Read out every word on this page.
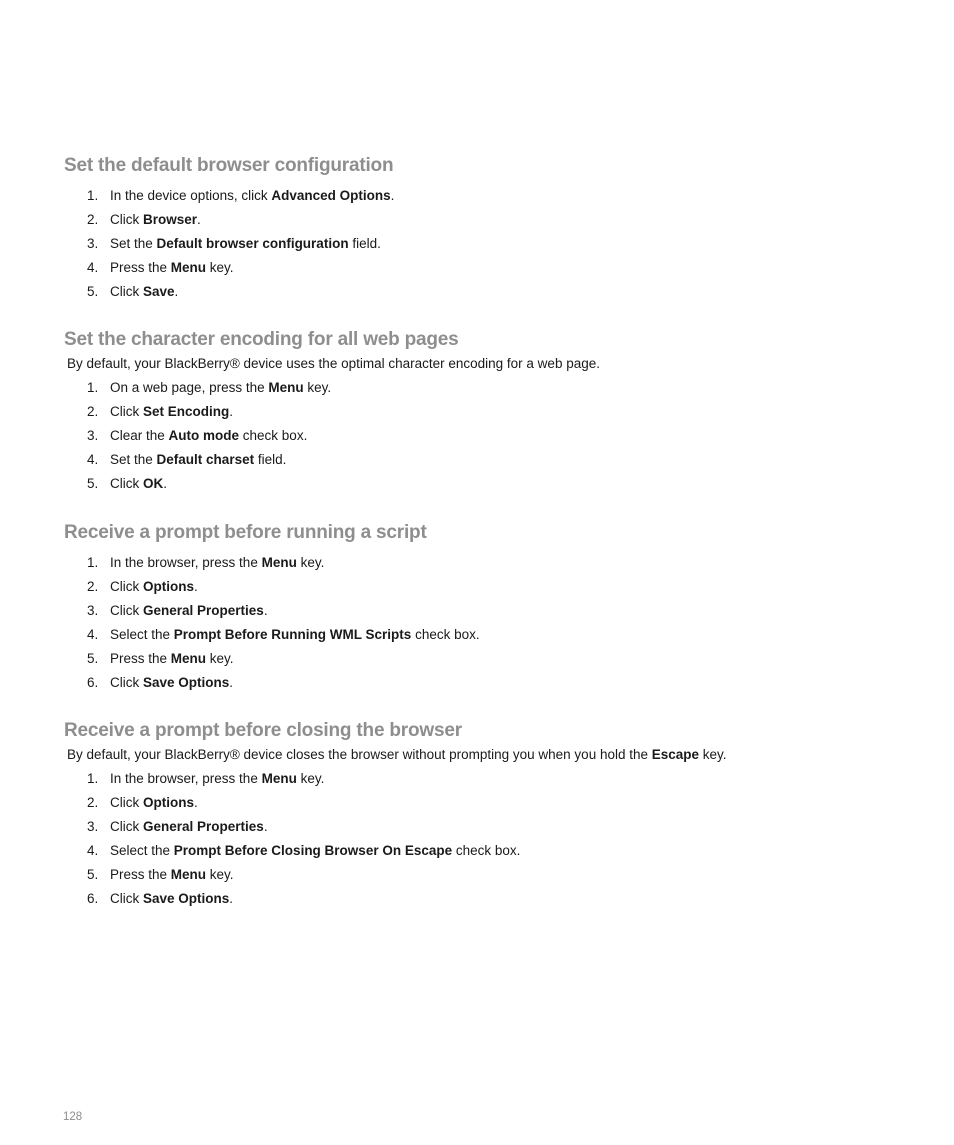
Set the default browser configuration
1. In the device options, click Advanced Options.
2. Click Browser.
3. Set the Default browser configuration field.
4. Press the Menu key.
5. Click Save.
Set the character encoding for all web pages

By default, your BlackBerry® device uses the optimal character encoding for a web page.

1. On a web page, press the Menu key.
2. Click Set Encoding.
3. Clear the Auto mode check box.
4. Set the Default charset field.
5. Click OK.
Receive a prompt before running a script
1. In the browser, press the Menu key.
2. Click Options.
3. Click General Properties.
4. Select the Prompt Before Running WML Scripts check box.
5. Press the Menu key.
6. Click Save Options.
Receive a prompt before closing the browser

By default, your BlackBerry® device closes the browser without prompting you when you hold the Escape key.

1. In the browser, press the Menu key.
2. Click Options.
3. Click General Properties.
4. Select the Prompt Before Closing Browser On Escape check box.
5. Press the Menu key.
6. Click Save Options.
128
